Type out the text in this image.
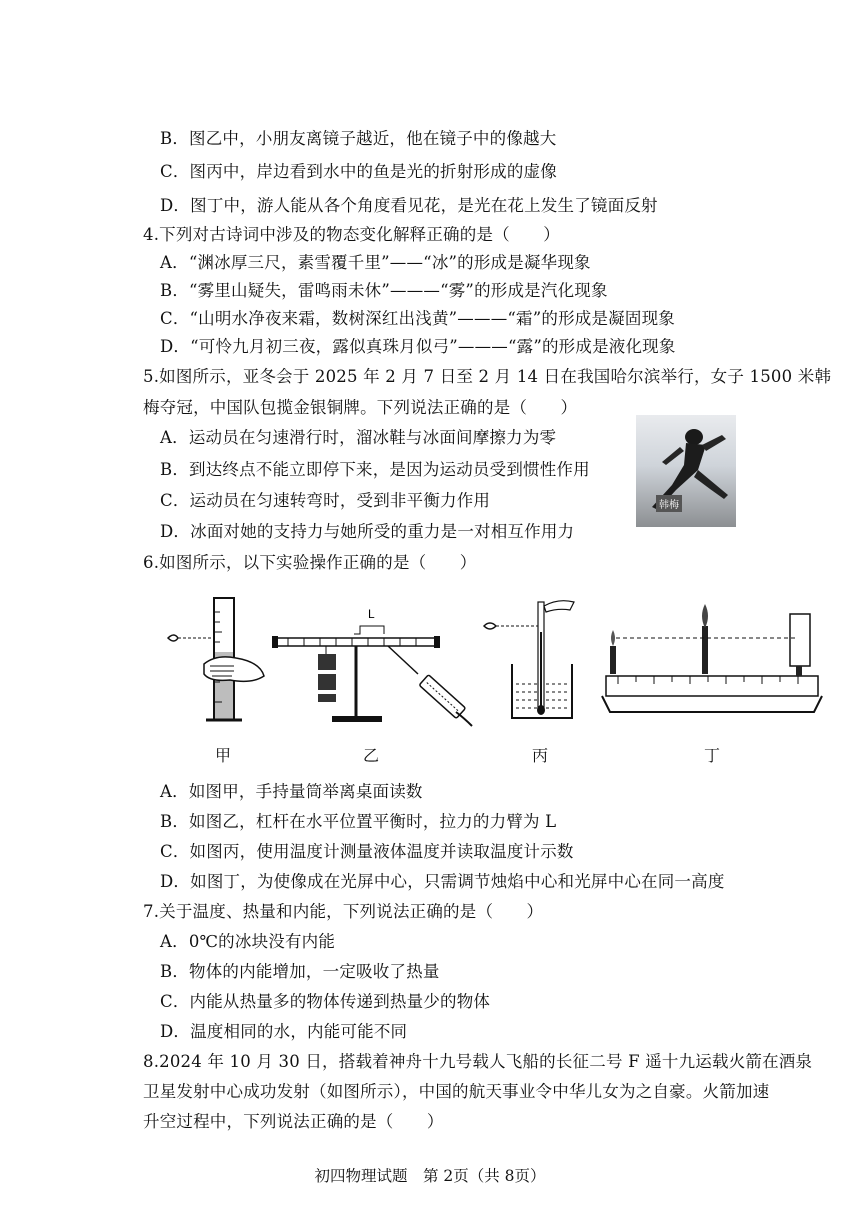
B．图乙中，小朋友离镜子越近，他在镜子中的像越大
C．图丙中，岸边看到水中的鱼是光的折射形成的虚像
D．图丁中，游人能从各个角度看见花，是光在花上发生了镜面反射
4.下列对古诗词中涉及的物态变化解释正确的是（　　）
A．“渊冰厚三尺，素雪覆千里”——“冰”的形成是凝华现象
B．“雾里山疑失，雷鸣雨未休”———“雾”的形成是汽化现象
C．“山明水净夜来霜，数树深红出浅黄”———“霜”的形成是凝固现象
D．“可怜九月初三夜，露似真珠月似弓”———“露”的形成是液化现象
5.如图所示，亚冬会于 2025 年 2 月 7 日至 2 月 14 日在我国哈尔滨举行，女子 1500 米韩
梅夺冠，中国队包揽金银铜牌。下列说法正确的是（　　）
A．运动员在匀速滑行时，溜冰鞋与冰面间摩擦力为零
B．到达终点不能立即停下来，是因为运动员受到惯性作用
C．运动员在匀速转弯时，受到非平衡力作用
D．冰面对她的支持力与她所受的重力是一对相互作用力
韩梅
6.如图所示，以下实验操作正确的是（　　）
L
甲	乙	丙	丁
A．如图甲，手持量筒举离桌面读数
B．如图乙，杠杆在水平位置平衡时，拉力的力臂为 L
C．如图丙，使用温度计测量液体温度并读取温度计示数
D．如图丁，为使像成在光屏中心，只需调节烛焰中心和光屏中心在同一高度
7.关于温度、热量和内能，下列说法正确的是（　　）
A．0℃的冰块没有内能
B．物体的内能增加，一定吸收了热量
C．内能从热量多的物体传递到热量少的物体
D．温度相同的水，内能可能不同
8.2024 年 10 月 30 日，搭载着神舟十九号载人飞船的长征二号 F 遥十九运载火箭在酒泉
卫星发射中心成功发射（如图所示），中国的航天事业令中华儿女为之自豪。火箭加速
升空过程中，下列说法正确的是（　　）
初四物理试题　第 2页（共 8页）
